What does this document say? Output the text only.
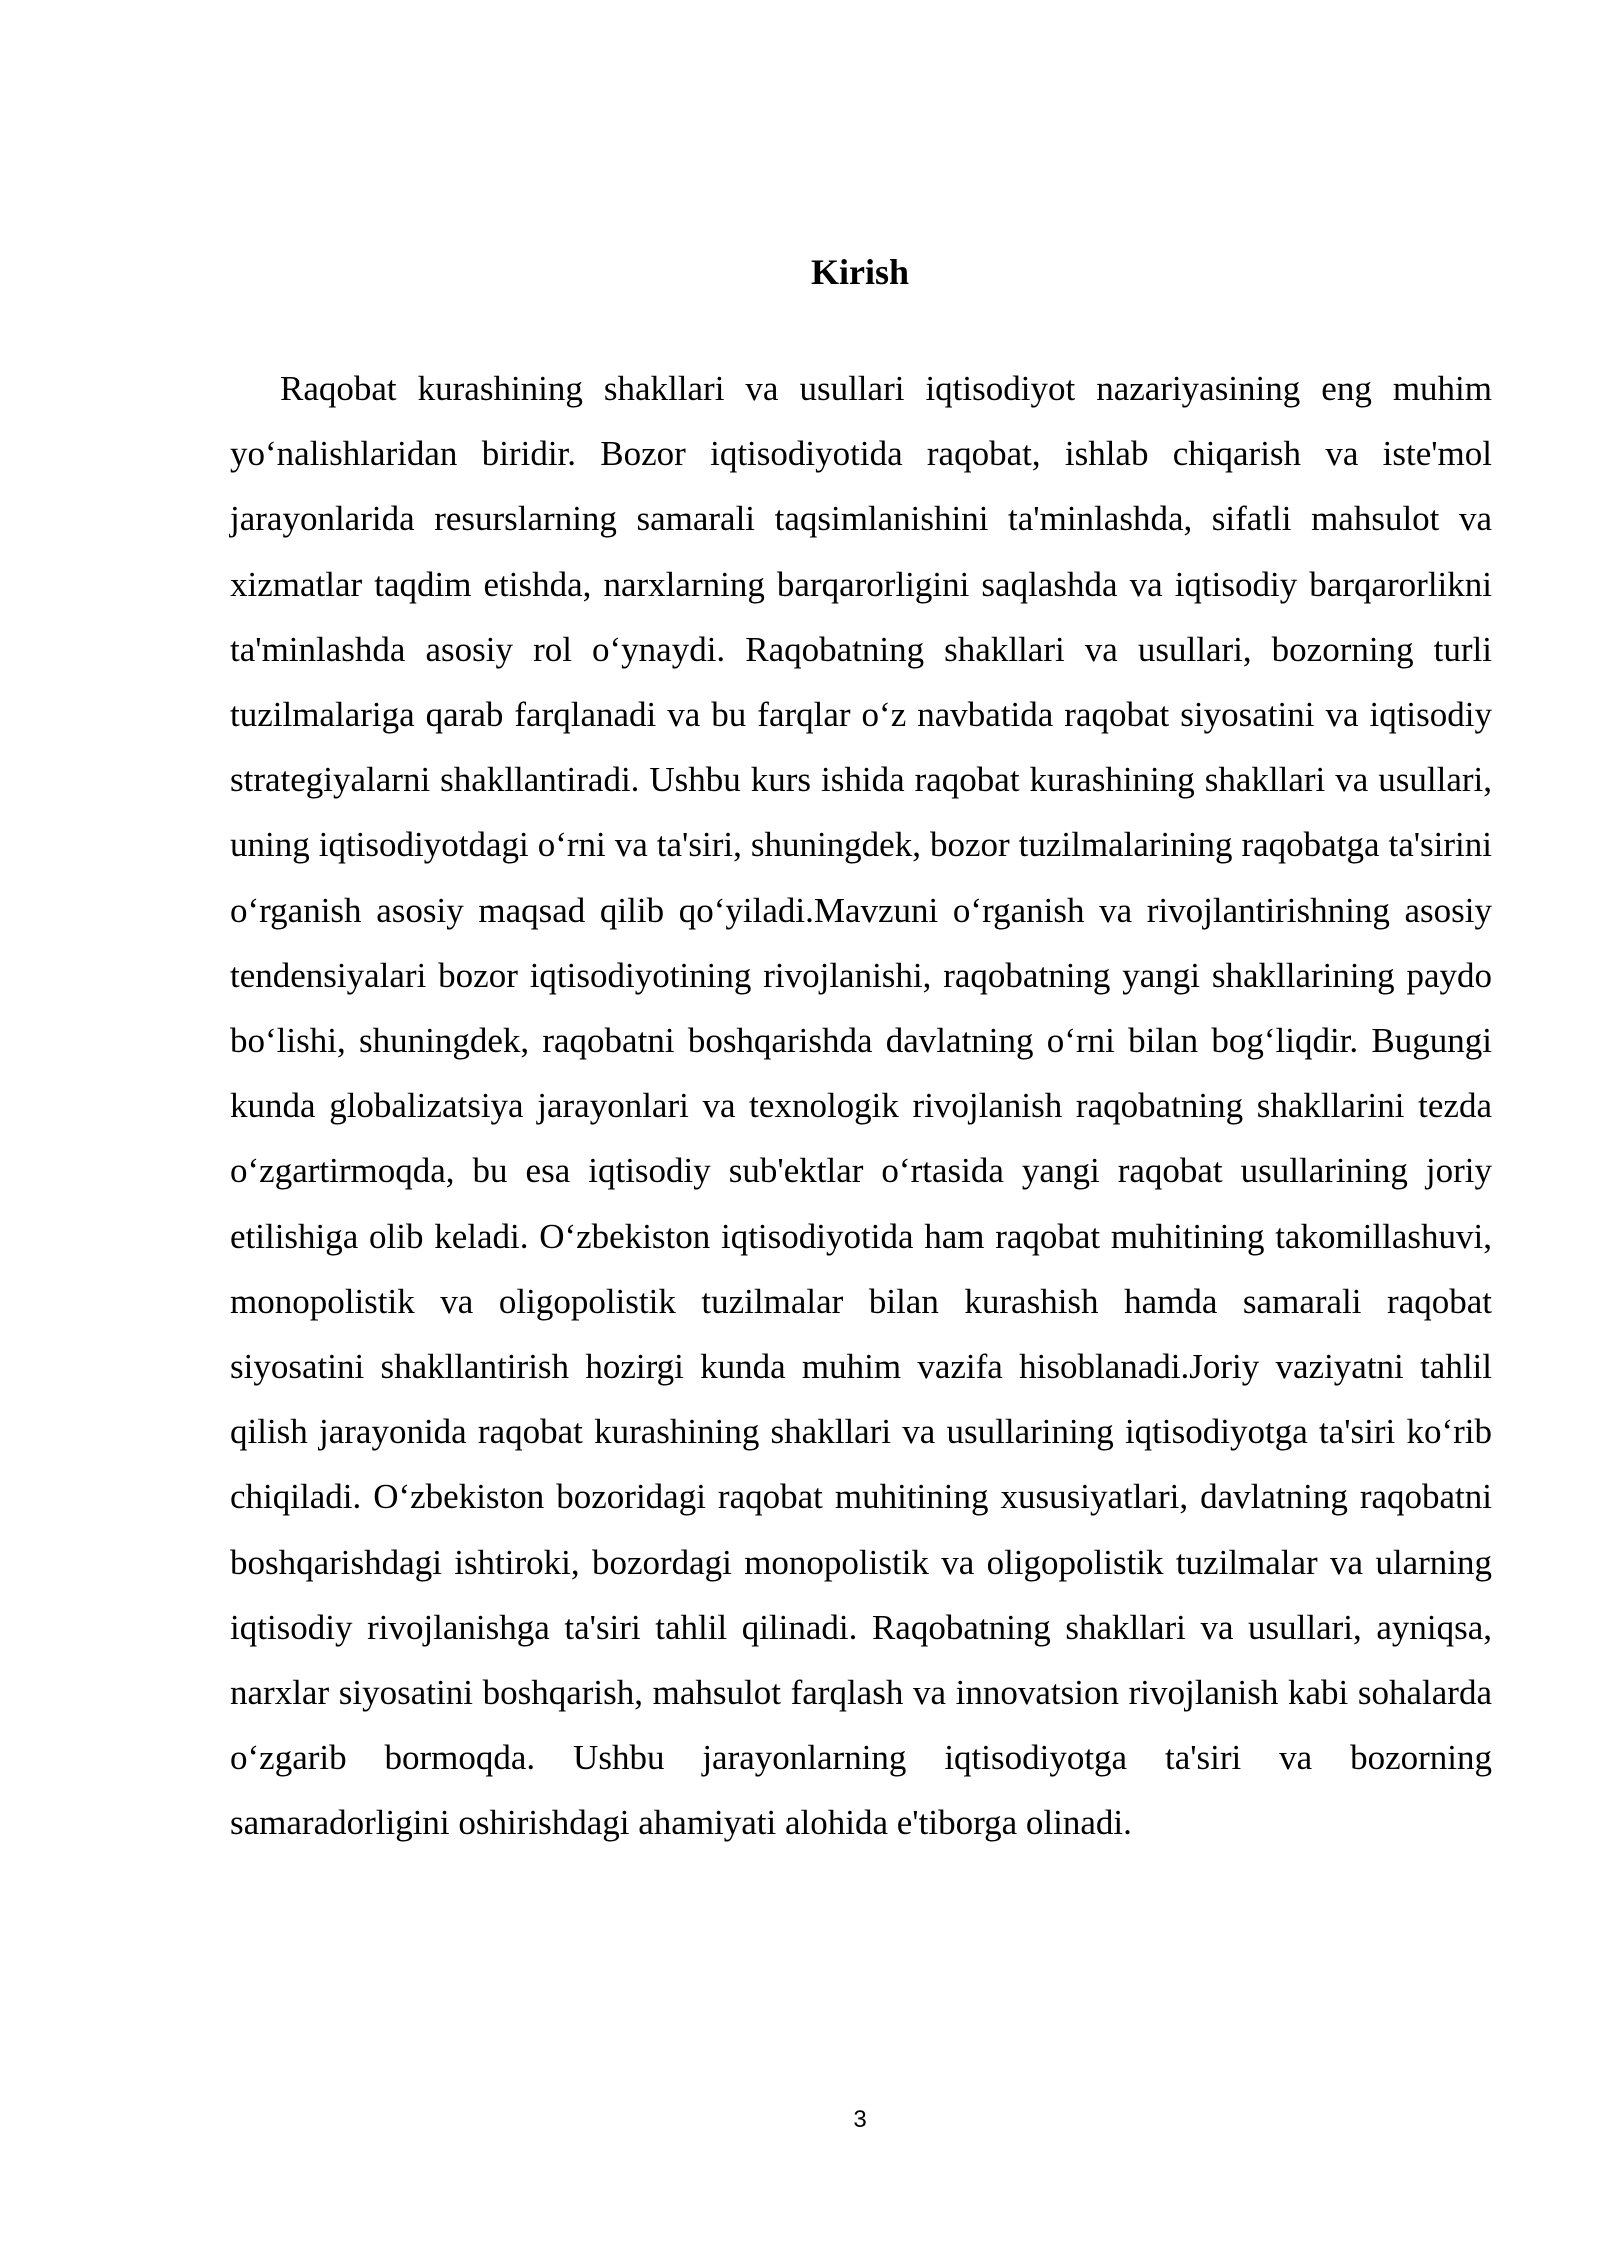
Kirish

Raqobat kurashining shakllari va usullari iqtisodiyot nazariyasining eng muhim yo‘nalishlaridan biridir. Bozor iqtisodiyotida raqobat, ishlab chiqarish va iste'mol jarayonlarida resurslarning samarali taqsimlanishini ta'minlashda, sifatli mahsulot va xizmatlar taqdim etishda, narxlarning barqarorligini saqlashda va iqtisodiy barqarorlikni ta'minlashda asosiy rol o‘ynaydi. Raqobatning shakllari va usullari, bozorning turli tuzilmalariga qarab farqlanadi va bu farqlar o‘z navbatida raqobat siyosatini va iqtisodiy strategiyalarni shakllantiradi. Ushbu kurs ishida raqobat kurashining shakllari va usullari, uning iqtisodiyotdagi o‘rni va ta'siri, shuningdek, bozor tuzilmalarining raqobatga ta'sirini o‘rganish asosiy maqsad qilib qo‘yiladi.Mavzuni o‘rganish va rivojlantirishning asosiy tendensiyalari bozor iqtisodiyotining rivojlanishi, raqobatning yangi shakllarining paydo bo‘lishi, shuningdek, raqobatni boshqarishda davlatning o‘rni bilan bog‘liqdir. Bugungi kunda globalizatsiya jarayonlari va texnologik rivojlanish raqobatning shakllarini tezda o‘zgartirmoqda, bu esa iqtisodiy sub'ektlar o‘rtasida yangi raqobat usullarining joriy etilishiga olib keladi. O‘zbekiston iqtisodiyotida ham raqobat muhitining takomillashuvi, monopolistik va oligopolistik tuzilmalar bilan kurashish hamda samarali raqobat siyosatini shakllantirish hozirgi kunda muhim vazifa hisoblanadi.Joriy vaziyatni tahlil qilish jarayonida raqobat kurashining shakllari va usullarining iqtisodiyotga ta'siri ko‘rib chiqiladi. O‘zbekiston bozoridagi raqobat muhitining xususiyatlari, davlatning raqobatni boshqarishdagi ishtiroki, bozordagi monopolistik va oligopolistik tuzilmalar va ularning iqtisodiy rivojlanishga ta'siri tahlil qilinadi. Raqobatning shakllari va usullari, ayniqsa, narxlar siyosatini boshqarish, mahsulot farqlash va innovatsion rivojlanish kabi sohalarda o‘zgarib bormoqda. Ushbu jarayonlarning iqtisodiyotga ta'siri va bozorning samaradorligini oshirishdagi ahamiyati alohida e'tiborga olinadi.

3
